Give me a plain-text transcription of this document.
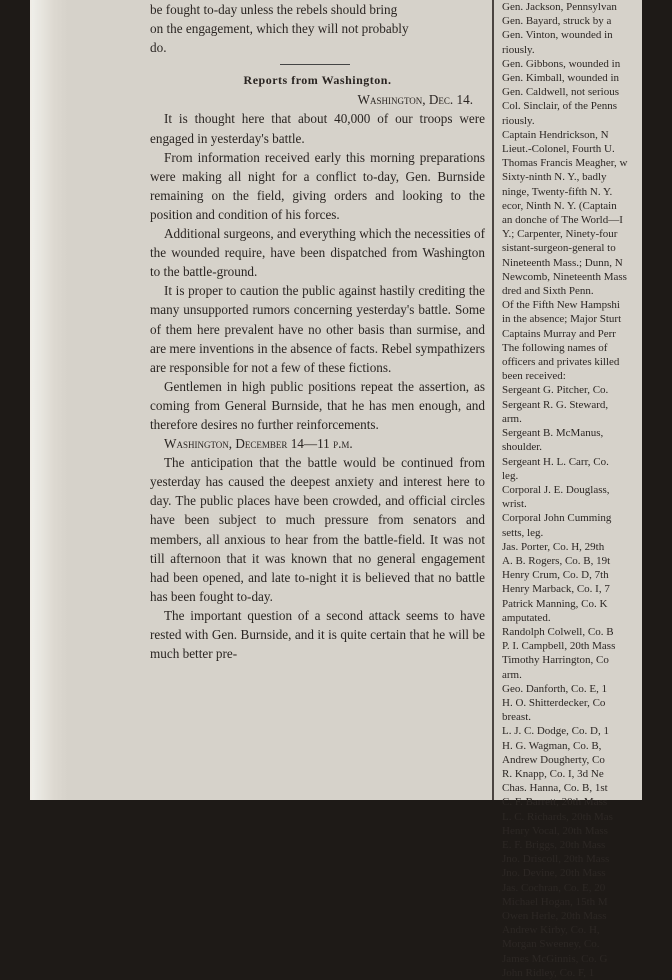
be fought to-day unless the rebels should bring

on the engagement, which they will not probably

do.

Reports from Washington.

Washington, Dec. 14.

It is thought here that about 40,000 of our troops were engaged in yesterday's battle.

From information received early this morning preparations were making all night for a conflict to-day, Gen. Burnside remaining on the field, giving orders and looking to the position and condition of his forces.

Additional surgeons, and everything which the necessities of the wounded require, have been dispatched from Washington to the battle-ground.

It is proper to caution the public against hastily crediting the many unsupported rumors concerning yesterday's battle. Some of them here prevalent have no other basis than surmise, and are mere inventions in the absence of facts. Rebel sympathizers are responsible for not a few of these fictions.

Gentlemen in high public positions repeat the assertion, as coming from General Burnside, that he has men enough, and therefore desires no further reinforcements.

Washington, December 14—11 p.m.

The anticipation that the battle would be continued from yesterday has caused the deepest anxiety and interest here to day. The public places have been crowded, and official circles have been subject to much pressure from senators and members, all anxious to hear from the battle-field. It was not till afternoon that it was known that no general engagement had been opened, and late to-night it is believed that no battle has been fought to-day.

The important question of a second attack seems to have rested with Gen. Burnside, and it is quite certain that he will be much better pre-

Gen. Jackson, Pennsylvan
Gen. Bayard, struck by a
Gen. Vinton, wounded in
riously.
Gen. Gibbons, wounded in
Gen. Kimball, wounded in
Gen. Caldwell, not serious
Col. Sinclair, of the Penns
riously.
Captain Hendrickson, N
Lieut.-Colonel, Fourth U.
Thomas Francis Meagher, w
Sixty-ninth N. Y., badly
ninge, Twenty-fifth N. Y.
ecor, Ninth N. Y. (Captain
an donche of The World—I
Y.; Carpenter, Ninety-four
sistant-surgeon-general to
Nineteenth Mass.; Dunn, N
Newcomb, Nineteenth Mass
dred and Sixth Penn.
Of the Fifth New Hampshi
in the absence; Major Sturt
Captains Murray and Perr
The following names of
officers and privates killed
been received:
Sergeant G. Pitcher, Co.
Sergeant R. G. Steward,
arm.
Sergeant B. McManus,
shoulder.
Sergeant H. L. Carr, Co.
leg.
Corporal J. E. Douglass,
wrist.
Corporal John Cumming
setts, leg.
Jas. Porter, Co. H, 29th
A. B. Rogers, Co. B, 19t
Henry Crum, Co. D, 7th
Henry Marback, Co. I, 7
Patrick Manning, Co. K
amputated.
Randolph Colwell, Co. B
P. I. Campbell, 20th Mass
Timothy Harrington, Co
arm.
Geo. Danforth, Co. E, 1
H. O. Shitterdecker, Co
breast.
L. J. C. Dodge, Co. D, 1
H. G. Wagman, Co. B,
Andrew Dougherty, Co
R. Knapp, Co. I, 3d Ne
Chas. Hanna, Co. B, 1st
C. F. Barrett, 20th Mass
L. C. Richards, 20th Mas
Henry Vocal, 20th Mass
E. F. Briggs, 20th Mass
Jno. Driscoll, 20th Mass
Jno. Devine, 20th Mass
Jas. Cochran, Co. E, 20
Michael Hogan, 15th M
Owen Herle, 20th Mass
Andrew Kirby, Co. H,
Morgan Sweeney, Co.
James McGinnis, Co. G
John Ridley, Co. F, 1
